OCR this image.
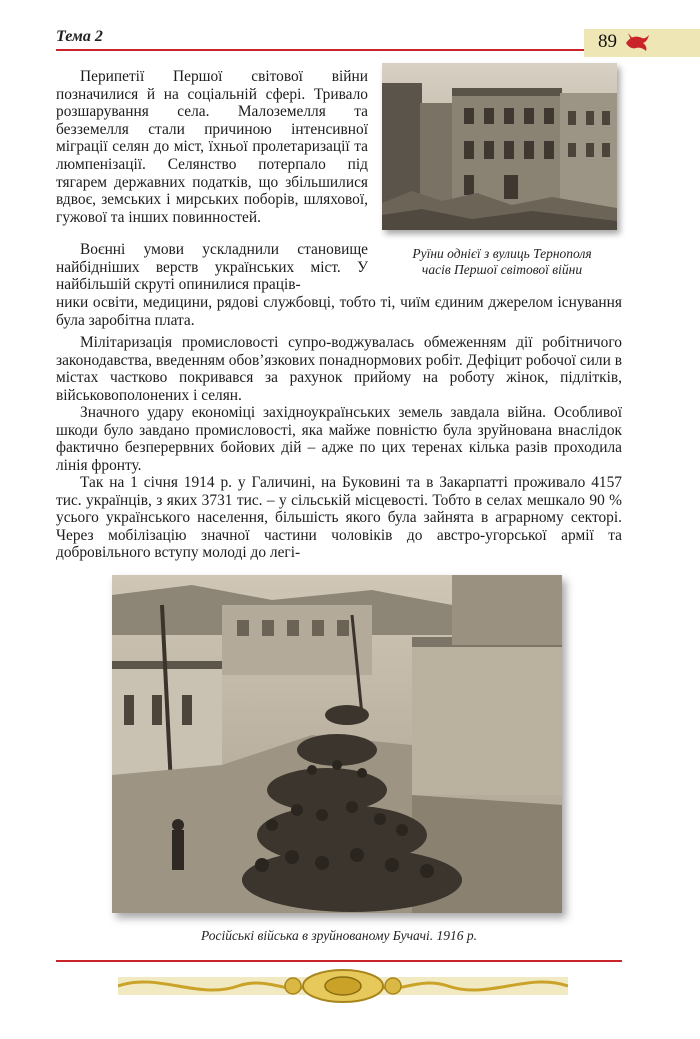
Тема 2	89
Руїни однієї з вулиць Тернополя
часів Першої світової війни

Перипетії Першої світової війни позначилися й на соціальній сфері. Тривало розшарування села. Малоземелля та безземелля стали причиною інтенсивної міграції селян до міст, їхньої пролетаризації та люмпенізації. Селянство потерпало під тягарем державних податків, що збільшилися вдвоє, земських і мирських поборів, шляхової, гужової та інших повинностей.

Воєнні умови ускладнили становище найбідніших верств українських міст. У найбільшій скруті опинилися праців-

ники освіти, медицини, рядові службовці, тобто ті, чиїм єдиним джерелом існування була заробітна плата.

Мілітаризація промисловості супро-воджувалась обмеженням дії робітничого законодавства, введенням обов’язкових понаднормових робіт. Дефіцит робочої сили в містах частково покривався за рахунок прийому на роботу жінок, підлітків, військовополонених і селян.

Значного удару економіці західноукраїнських земель завдала війна. Особливої шкоди було завдано промисловості, яка майже повністю була зруйнована внаслідок фактично безперервних бойових дій – адже по цих теренах кілька разів проходила лінія фронту.

Так на 1 січня 1914 р. у Галичині, на Буковині та в Закарпатті проживало 4157 тис. українців, з яких 3731 тис. – у сільській місцевості. Тобто в селах мешкало 90 % усього українського населення, більшість якого була зайнята в аграрному секторі. Через мобілізацію значної частини чоловіків до австро-угорської армії та добровільного вступу молоді до легі-

Російські війська в зруйнованому Бучачі. 1916 р.
